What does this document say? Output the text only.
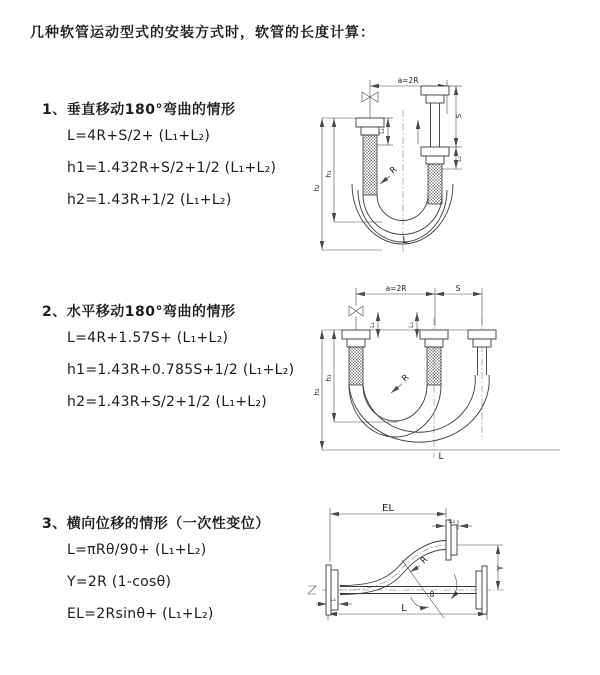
几种软管运动型式的安装方式时，软管的长度计算：
1、垂直移动180°弯曲的情形
L=4R+S/2+ (L₁+L₂)
h1=1.432R+S/2+1/2 (L₁+L₂)
h2=1.43R+1/2 (L₁+L₂)
2、水平移动180°弯曲的情形
L=4R+1.57S+ (L₁+L₂)
h1=1.43R+0.785S+1/2 (L₁+L₂)
h2=1.43R+S/2+1/2 (L₁+L₂)
3、横向位移的情形（一次性变位）
L=πRθ/90+ (L₁+L₂)
Y=2R (1-cosθ)
EL=2Rsinθ+ (L₁+L₂)
a=2R
h₂
h₁
L₁
S
L₂
R
L
a=2R	S
h₂
h₁
L₁	L₂
R
L
EL
L₂
Y
R
θ
L
L₁
